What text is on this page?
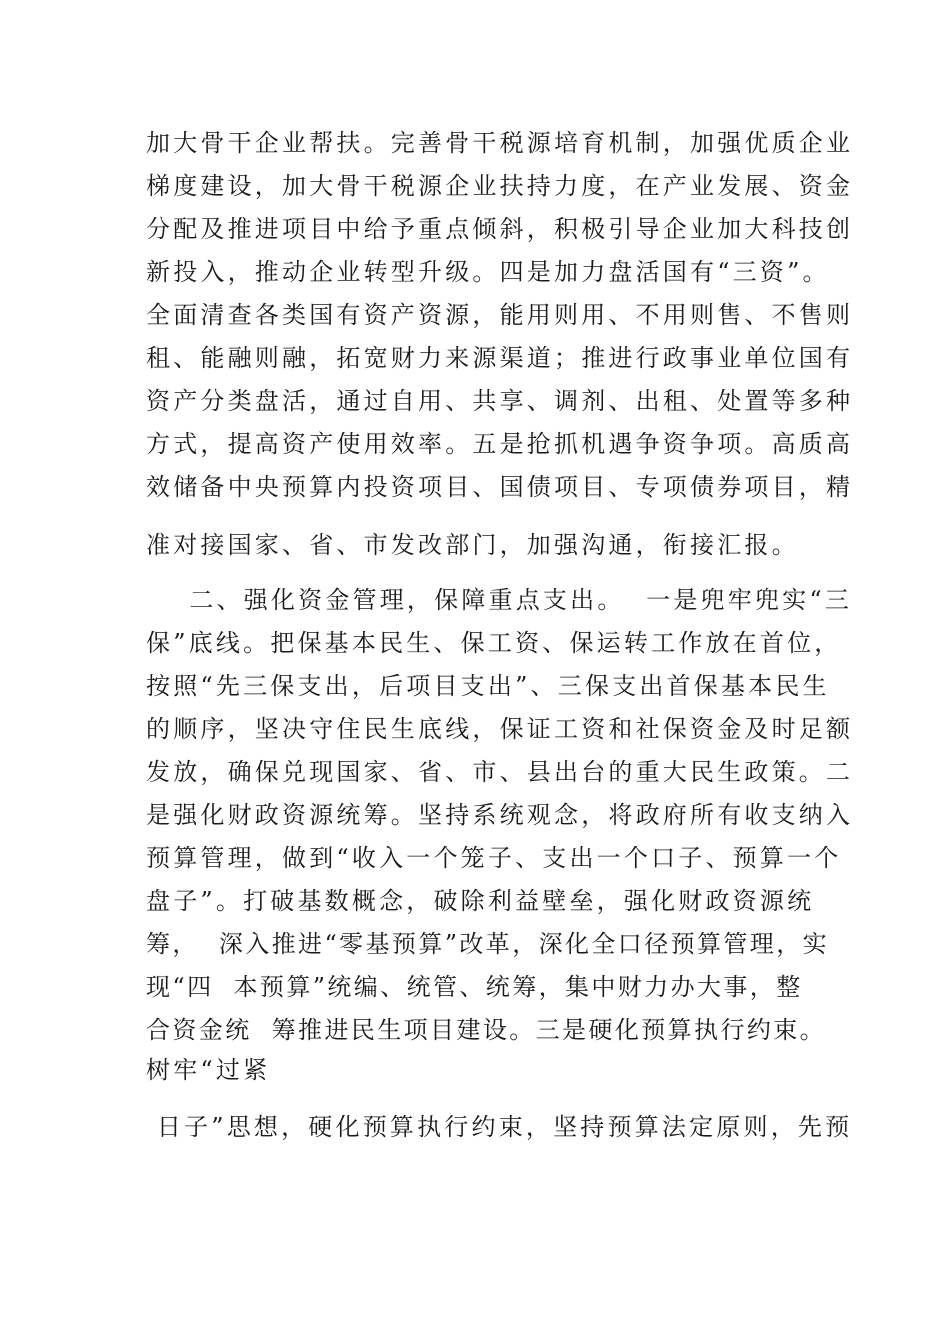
加大骨干企业帮扶。完善骨干税源培育机制，加强优质企业
梯度建设，加大骨干税源企业扶持力度，在产业发展、资金
分配及推进项目中给予重点倾斜，积极引导企业加大科技创
新投入，推动企业转型升级。四是加力盘活国有“三资”。
全面清查各类国有资产资源，能用则用、不用则售、不售则
租、能融则融，拓宽财力来源渠道；推进行政事业单位国有
资产分类盘活，通过自用、共享、调剂、出租、处置等多种
方式，提高资产使用效率。五是抢抓机遇争资争项。高质高
效储备中央预算内投资项目、国债项目、专项债券项目，精
准对接国家、省、市发改部门，加强沟通，衔接汇报。
二、强化资金管理，保障重点支出。  一是兜牢兜实“三
保”底线。把保基本民生、保工资、保运转工作放在首位，
按照“先三保支出，后项目支出”、三保支出首保基本民生
的顺序，坚决守住民生底线，保证工资和社保资金及时足额
发放，确保兑现国家、省、市、县出台的重大民生政策。二
是强化财政资源统筹。坚持系统观念，将政府所有收支纳入
预算管理，做到“收入一个笼子、支出一个口子、预算一个
盘子”。打破基数概念，破除利益壁垒，强化财政资源统
筹，  深入推进“零基预算”改革，深化全口径预算管理，实
现“四  本预算”统编、统管、统筹，集中财力办大事，整
合资金统  筹推进民生项目建设。三是硬化预算执行约束。
树牢“过紧
日子”思想，硬化预算执行约束，坚持预算法定原则，先预
